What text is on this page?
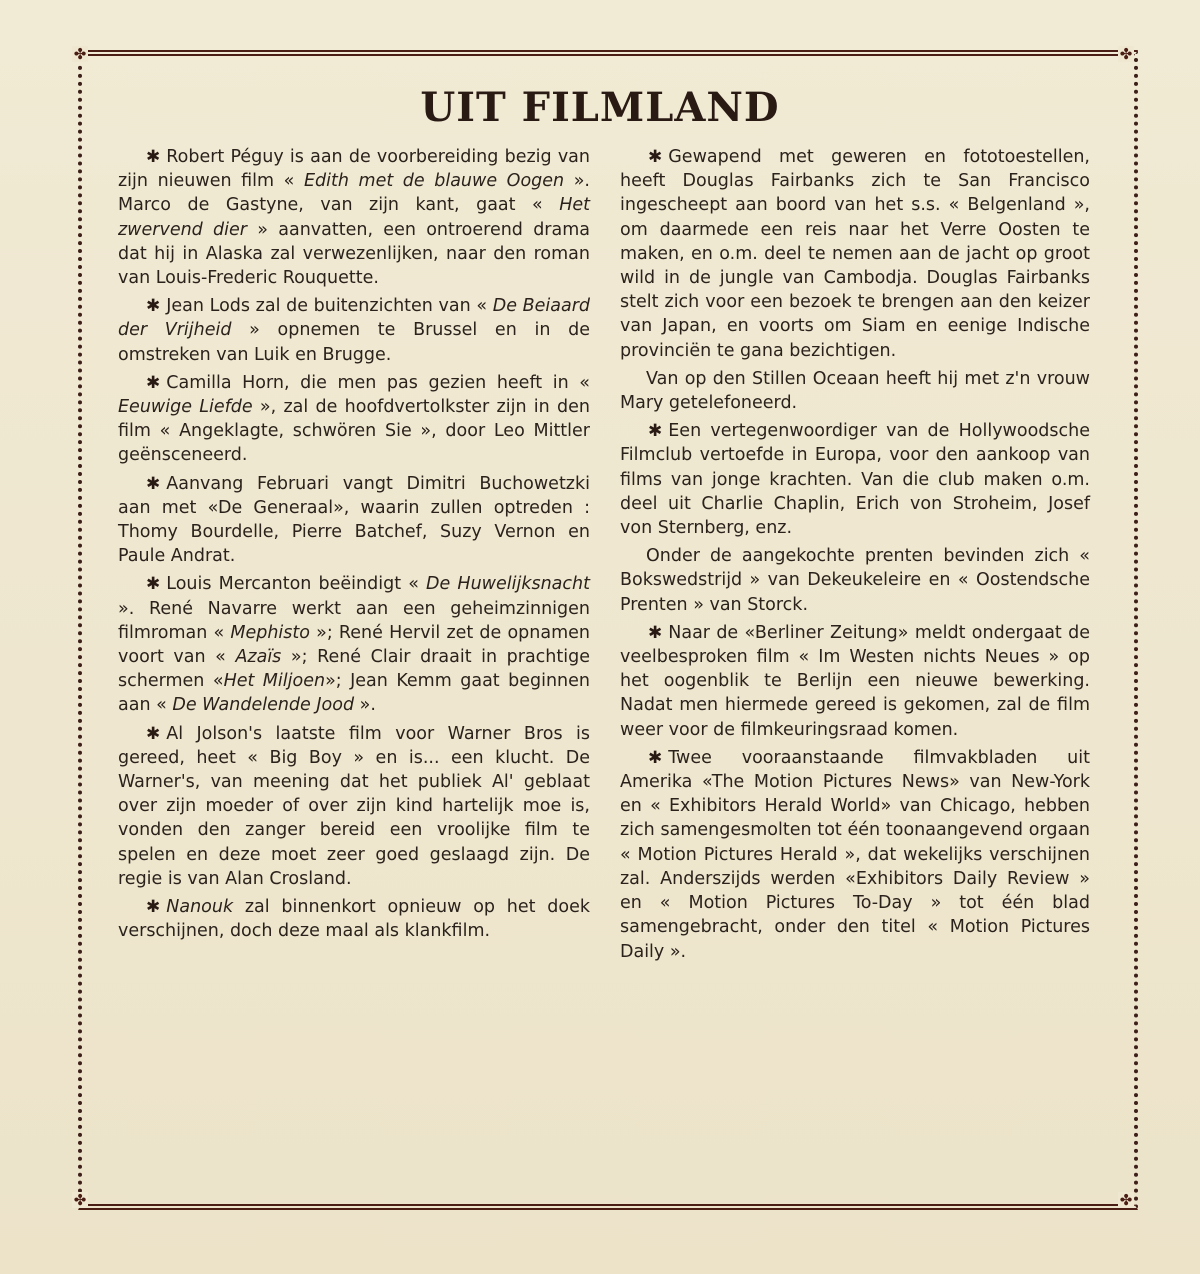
✤	✤
✤	✤
UIT FILMLAND

✱ Robert Péguy is aan de voorbereiding bezig van zijn nieuwen film « Edith met de blauwe Oogen ». Marco de Gastyne, van zijn kant, gaat « Het zwervend dier » aanvatten, een ontroerend drama dat hij in Alaska zal verwezenlijken, naar den roman van Louis-Frederic Rouquette.

✱ Jean Lods zal de buitenzichten van « De Beiaard der Vrijheid » opnemen te Brussel en in de omstreken van Luik en Brugge.

✱ Camilla Horn, die men pas gezien heeft in « Eeuwige Liefde », zal de hoofdvertolkster zijn in den film « Angeklagte, schwören Sie », door Leo Mittler geënsceneerd.

✱ Aanvang Februari vangt Dimitri Buchowetzki aan met «De Generaal», waarin zullen optreden : Thomy Bourdelle, Pierre Batchef, Suzy Vernon en Paule Andrat.

✱ Louis Mercanton beëindigt « De Huwelijksnacht ». René Navarre werkt aan een geheimzinnigen filmroman « Mephisto »; René Hervil zet de opnamen voort van « Azaïs »; René Clair draait in prachtige schermen «Het Miljoen»; Jean Kemm gaat beginnen aan « De Wandelende Jood ».

✱ Al Jolson's laatste film voor Warner Bros is gereed, heet « Big Boy » en is... een klucht. De Warner's, van meening dat het publiek Al' geblaat over zijn moeder of over zijn kind hartelijk moe is, vonden den zanger bereid een vroolijke film te spelen en deze moet zeer goed geslaagd zijn. De regie is van Alan Crosland.

✱ Nanouk zal binnenkort opnieuw op het doek verschijnen, doch deze maal als klankfilm.

✱ Gewapend met geweren en fototoestellen, heeft Douglas Fairbanks zich te San Francisco ingescheept aan boord van het s.s. « Belgenland », om daarmede een reis naar het Verre Oosten te maken, en o.m. deel te nemen aan de jacht op groot wild in de jungle van Cambodja. Douglas Fairbanks stelt zich voor een bezoek te brengen aan den keizer van Japan, en voorts om Siam en eenige Indische provinciën te gana bezichtigen.

Van op den Stillen Oceaan heeft hij met z'n vrouw Mary getelefoneerd.

✱ Een vertegenwoordiger van de Hollywoodsche Filmclub vertoefde in Europa, voor den aankoop van films van jonge krachten. Van die club maken o.m. deel uit Charlie Chaplin, Erich von Stroheim, Josef von Sternberg, enz.

Onder de aangekochte prenten bevinden zich « Bokswedstrijd » van Dekeukeleire en « Oostendsche Prenten » van Storck.

✱ Naar de «Berliner Zeitung» meldt ondergaat de veelbesproken film « Im Westen nichts Neues » op het oogenblik te Berlijn een nieuwe bewerking. Nadat men hiermede gereed is gekomen, zal de film weer voor de filmkeuringsraad komen.

✱ Twee vooraanstaande filmvakbladen uit Amerika «The Motion Pictures News» van New-York en « Exhibitors Herald World» van Chicago, hebben zich samengesmolten tot één toonaangevend orgaan « Motion Pictures Herald », dat wekelijks verschijnen zal. Anderszijds werden «Exhibitors Daily Review » en « Motion Pictures To-Day » tot één blad samengebracht, onder den titel « Motion Pictures Daily ».
